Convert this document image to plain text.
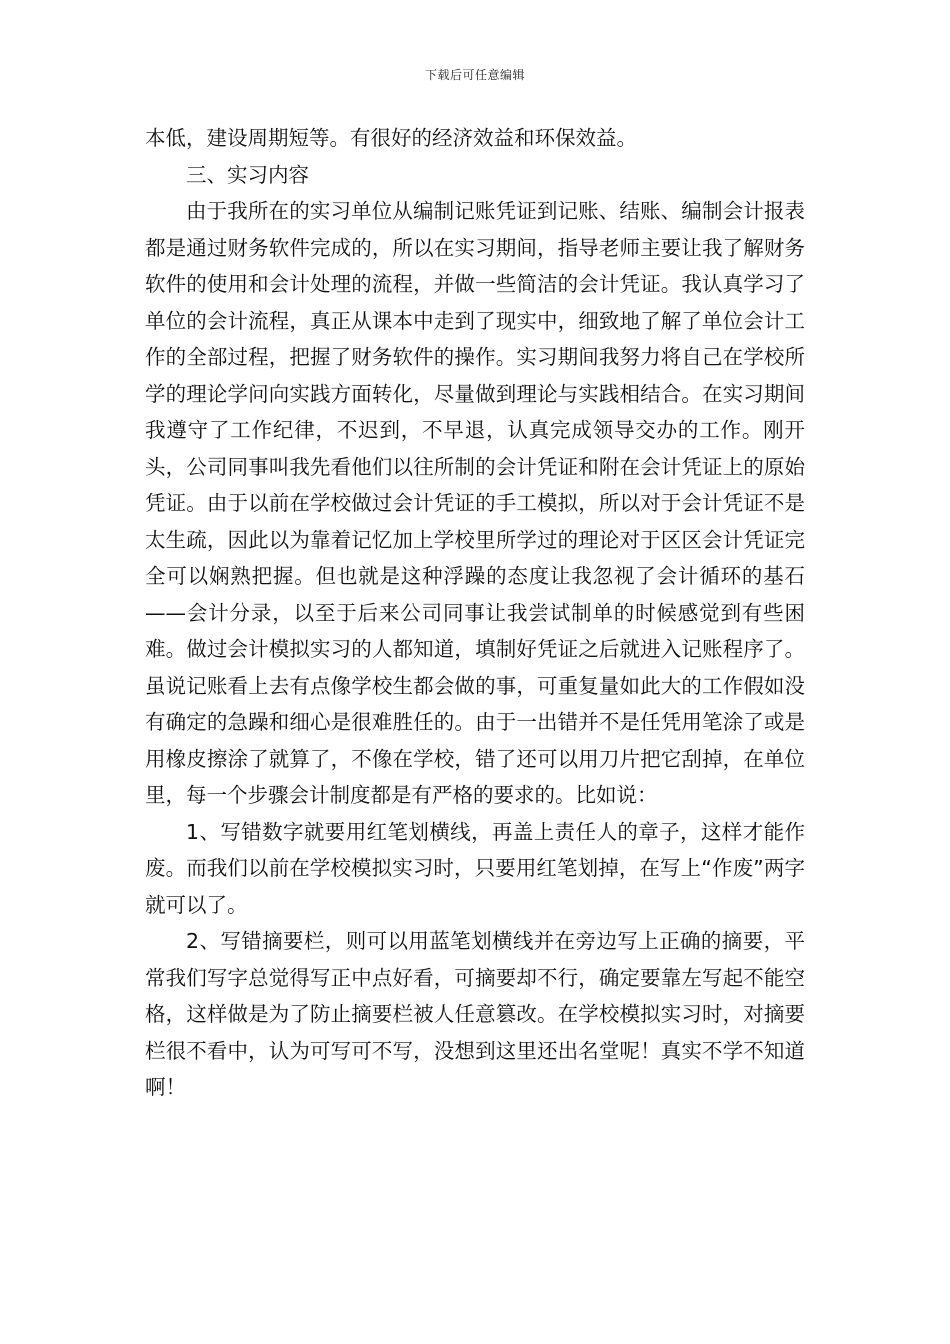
下载后可任意编辑

本低，建设周期短等。有很好的经济效益和环保效益。

三、实习内容

由于我所在的实习单位从编制记账凭证到记账、结账、编制会计报表都是通过财务软件完成的，所以在实习期间，指导老师主要让我了解财务软件的使用和会计处理的流程，并做一些简洁的会计凭证。我认真学习了单位的会计流程，真正从课本中走到了现实中，细致地了解了单位会计工作的全部过程，把握了财务软件的操作。实习期间我努力将自己在学校所学的理论学问向实践方面转化，尽量做到理论与实践相结合。在实习期间我遵守了工作纪律，不迟到，不早退，认真完成领导交办的工作。刚开头，公司同事叫我先看他们以往所制的会计凭证和附在会计凭证上的原始凭证。由于以前在学校做过会计凭证的手工模拟，所以对于会计凭证不是太生疏，因此以为靠着记忆加上学校里所学过的理论对于区区会计凭证完全可以娴熟把握。但也就是这种浮躁的态度让我忽视了会计循环的基石——会计分录，以至于后来公司同事让我尝试制单的时候感觉到有些困难。做过会计模拟实习的人都知道，填制好凭证之后就进入记账程序了。虽说记账看上去有点像学校生都会做的事，可重复量如此大的工作假如没有确定的急躁和细心是很难胜任的。由于一出错并不是任凭用笔涂了或是用橡皮擦涂了就算了，不像在学校，错了还可以用刀片把它刮掉，在单位里，每一个步骤会计制度都是有严格的要求的。比如说：

1、写错数字就要用红笔划横线，再盖上责任人的章子，这样才能作废。而我们以前在学校模拟实习时，只要用红笔划掉，在写上“作废”两字就可以了。

2、写错摘要栏，则可以用蓝笔划横线并在旁边写上正确的摘要，平常我们写字总觉得写正中点好看，可摘要却不行，确定要靠左写起不能空格，这样做是为了防止摘要栏被人任意篡改。在学校模拟实习时，对摘要栏很不看中，认为可写可不写，没想到这里还出名堂呢！真实不学不知道啊！
